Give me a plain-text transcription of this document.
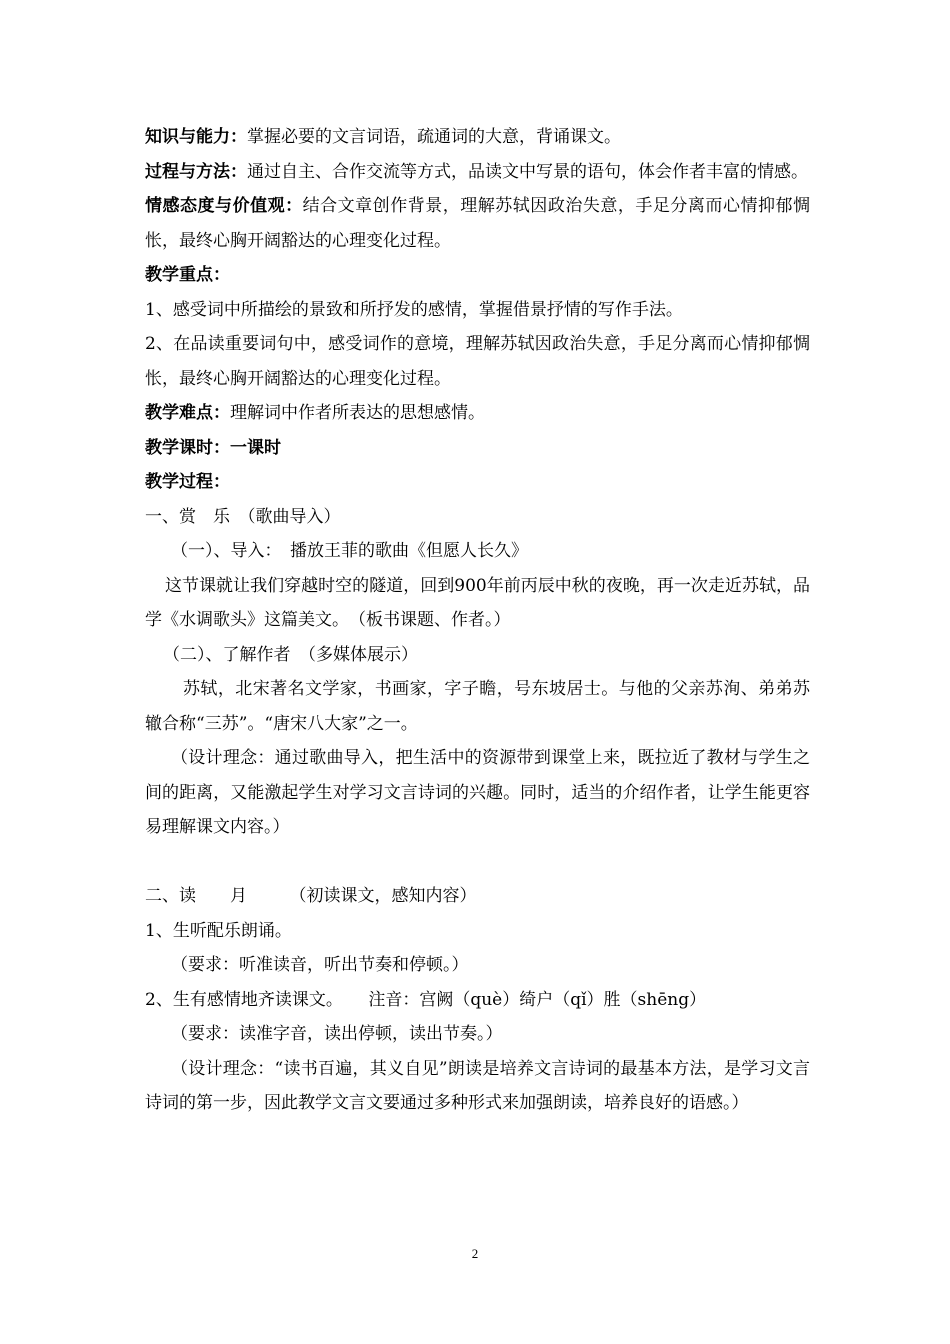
知识与能力：掌握必要的文言词语，疏通词的大意，背诵课文。
过程与方法：通过自主、合作交流等方式，品读文中写景的语句，体会作者丰富的情感。
情感态度与价值观：结合文章创作背景，理解苏轼因政治失意，手足分离而心情抑郁惆怅，最终心胸开阔豁达的心理变化过程。
教学重点：
1、感受词中所描绘的景致和所抒发的感情，掌握借景抒情的写作手法。
2、在品读重要词句中，感受词作的意境，理解苏轼因政治失意，手足分离而心情抑郁惆怅，最终心胸开阔豁达的心理变化过程。
教学难点：理解词中作者所表达的思想感情。
教学课时：一课时
教学过程：
一、赏　乐　（歌曲导入）
（一）、导入：　播放王菲的歌曲《但愿人长久》
这节课就让我们穿越时空的隧道，回到900年前丙辰中秋的夜晚，再一次走近苏轼，品学《水调歌头》这篇美文。　（板书课题、作者。）
（二）、了解作者　（多媒体展示）
苏轼，北宋著名文学家，书画家，字子瞻，号东坡居士。与他的父亲苏洵、弟弟苏辙合称“三苏”。“唐宋八大家”之一。
（设计理念：通过歌曲导入，把生活中的资源带到课堂上来，既拉近了教材与学生之间的距离，又能激起学生对学习文言诗词的兴趣。同时，适当的介绍作者，让学生能更容易理解课文内容。）
二、读　　月　　　（初读课文，感知内容）
1、生听配乐朗诵。
（要求：听准读音，听出节奏和停顿。）
2、生有感情地齐读课文。　　注音：宫阙（què）绮户（qǐ）胜（shēng）
（要求：读准字音，读出停顿，读出节奏。）
（设计理念：“读书百遍，其义自见”朗读是培养文言诗词的最基本方法，是学习文言诗词的第一步，因此教学文言文要通过多种形式来加强朗读，培养良好的语感。）
2
